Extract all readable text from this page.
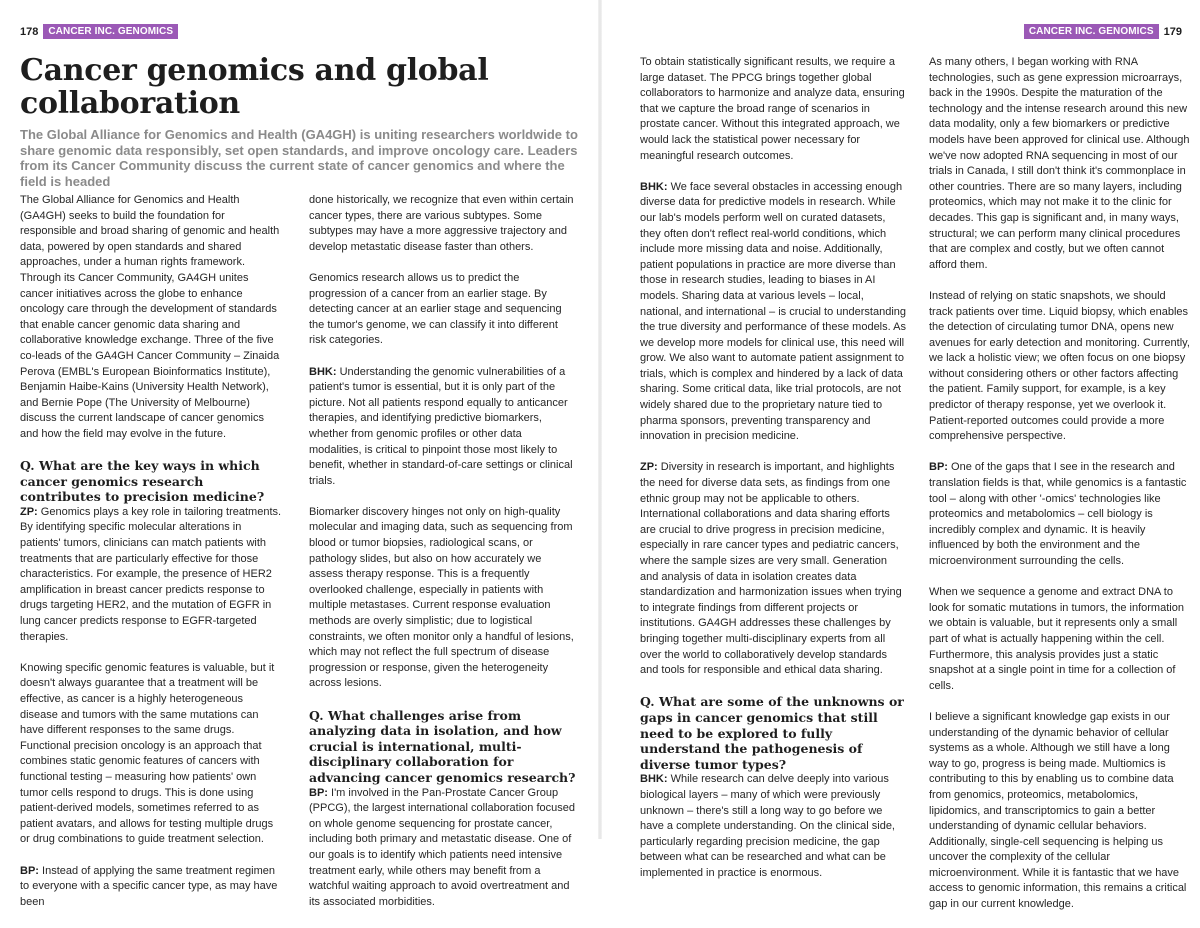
178	CANCER INC. GENOMICS	CANCER INC. GENOMICS 179
Cancer genomics and global collaboration
The Global Alliance for Genomics and Health (GA4GH) is uniting researchers worldwide to share genomic data responsibly, set open standards, and improve oncology care. Leaders from its Cancer Community discuss the current state of cancer genomics and where the field is headed

The Global Alliance for Genomics and Health (GA4GH) seeks to build the foundation for responsible and broad sharing of genomic and health data, powered by open standards and shared approaches, under a human rights framework. Through its Cancer Community, GA4GH unites cancer initiatives across the globe to enhance oncology care through the development of standards that enable cancer genomic data sharing and collaborative knowledge exchange. Three of the five co-leads of the GA4GH Cancer Community – Zinaida Perova (EMBL's European Bioinformatics Institute), Benjamin Haibe-Kains (University Health Network), and Bernie Pope (The University of Melbourne) discuss the current landscape of cancer genomics and how the field may evolve in the future.

Q. What are the key ways in which cancer genomics research contributes to precision medicine?

ZP: Genomics plays a key role in tailoring treatments. By identifying specific molecular alterations in patients' tumors, clinicians can match patients with treatments that are particularly effective for those characteristics. For example, the presence of HER2 amplification in breast cancer predicts response to drugs targeting HER2, and the mutation of EGFR in lung cancer predicts response to EGFR-targeted therapies.

Knowing specific genomic features is valuable, but it doesn't always guarantee that a treatment will be effective, as cancer is a highly heterogeneous disease and tumors with the same mutations can have different responses to the same drugs. Functional precision oncology is an approach that combines static genomic features of cancers with functional testing – measuring how patients' own tumor cells respond to drugs. This is done using patient-derived models, sometimes referred to as patient avatars, and allows for testing multiple drugs or drug combinations to guide treatment selection.

BP: Instead of applying the same treatment regimen to everyone with a specific cancer type, as may have been

done historically, we recognize that even within certain cancer types, there are various subtypes. Some subtypes may have a more aggressive trajectory and develop metastatic disease faster than others.

Genomics research allows us to predict the progression of a cancer from an earlier stage. By detecting cancer at an earlier stage and sequencing the tumor's genome, we can classify it into different risk categories.

BHK: Understanding the genomic vulnerabilities of a patient's tumor is essential, but it is only part of the picture. Not all patients respond equally to anticancer therapies, and identifying predictive biomarkers, whether from genomic profiles or other data modalities, is critical to pinpoint those most likely to benefit, whether in standard-of-care settings or clinical trials.

Biomarker discovery hinges not only on high-quality molecular and imaging data, such as sequencing from blood or tumor biopsies, radiological scans, or pathology slides, but also on how accurately we assess therapy response. This is a frequently overlooked challenge, especially in patients with multiple metastases. Current response evaluation methods are overly simplistic; due to logistical constraints, we often monitor only a handful of lesions, which may not reflect the full spectrum of disease progression or response, given the heterogeneity across lesions.

Q. What challenges arise from analyzing data in isolation, and how crucial is international, multi-disciplinary collaboration for advancing cancer genomics research?

BP: I'm involved in the Pan-Prostate Cancer Group (PPCG), the largest international collaboration focused on whole genome sequencing for prostate cancer, including both primary and metastatic disease. One of our goals is to identify which patients need intensive treatment early, while others may benefit from a watchful waiting approach to avoid overtreatment and its associated morbidities.

To obtain statistically significant results, we require a large dataset. The PPCG brings together global collaborators to harmonize and analyze data, ensuring that we capture the broad range of scenarios in prostate cancer. Without this integrated approach, we would lack the statistical power necessary for meaningful research outcomes.

BHK: We face several obstacles in accessing enough diverse data for predictive models in research. While our lab's models perform well on curated datasets, they often don't reflect real-world conditions, which include more missing data and noise. Additionally, patient populations in practice are more diverse than those in research studies, leading to biases in AI models. Sharing data at various levels – local, national, and international – is crucial to understanding the true diversity and performance of these models. As we develop more models for clinical use, this need will grow. We also want to automate patient assignment to trials, which is complex and hindered by a lack of data sharing. Some critical data, like trial protocols, are not widely shared due to the proprietary nature tied to pharma sponsors, preventing transparency and innovation in precision medicine.

ZP: Diversity in research is important, and highlights the need for diverse data sets, as findings from one ethnic group may not be applicable to others. International collaborations and data sharing efforts are crucial to drive progress in precision medicine, especially in rare cancer types and pediatric cancers, where the sample sizes are very small. Generation and analysis of data in isolation creates data standardization and harmonization issues when trying to integrate findings from different projects or institutions. GA4GH addresses these challenges by bringing together multi-disciplinary experts from all over the world to collaboratively develop standards and tools for responsible and ethical data sharing.

Q. What are some of the unknowns or gaps in cancer genomics that still need to be explored to fully understand the pathogenesis of diverse tumor types?

BHK: While research can delve deeply into various biological layers – many of which were previously unknown – there's still a long way to go before we have a complete understanding. On the clinical side, particularly regarding precision medicine, the gap between what can be researched and what can be implemented in practice is enormous.

As many others, I began working with RNA technologies, such as gene expression microarrays, back in the 1990s. Despite the maturation of the technology and the intense research around this new data modality, only a few biomarkers or predictive models have been approved for clinical use. Although we've now adopted RNA sequencing in most of our trials in Canada, I still don't think it's commonplace in other countries. There are so many layers, including proteomics, which may not make it to the clinic for decades. This gap is significant and, in many ways, structural; we can perform many clinical procedures that are complex and costly, but we often cannot afford them.

Instead of relying on static snapshots, we should track patients over time. Liquid biopsy, which enables the detection of circulating tumor DNA, opens new avenues for early detection and monitoring. Currently, we lack a holistic view; we often focus on one biopsy without considering others or other factors affecting the patient. Family support, for example, is a key predictor of therapy response, yet we overlook it. Patient-reported outcomes could provide a more comprehensive perspective.

BP: One of the gaps that I see in the research and translation fields is that, while genomics is a fantastic tool – along with other '-omics' technologies like proteomics and metabolomics – cell biology is incredibly complex and dynamic. It is heavily influenced by both the environment and the microenvironment surrounding the cells.

When we sequence a genome and extract DNA to look for somatic mutations in tumors, the information we obtain is valuable, but it represents only a small part of what is actually happening within the cell. Furthermore, this analysis provides just a static snapshot at a single point in time for a collection of cells.

I believe a significant knowledge gap exists in our understanding of the dynamic behavior of cellular systems as a whole. Although we still have a long way to go, progress is being made. Multiomics is contributing to this by enabling us to combine data from genomics, proteomics, metabolomics, lipidomics, and transcriptomics to gain a better understanding of dynamic cellular behaviors. Additionally, single-cell sequencing is helping us uncover the complexity of the cellular microenvironment. While it is fantastic that we have access to genomic information, this remains a critical gap in our current knowledge.
